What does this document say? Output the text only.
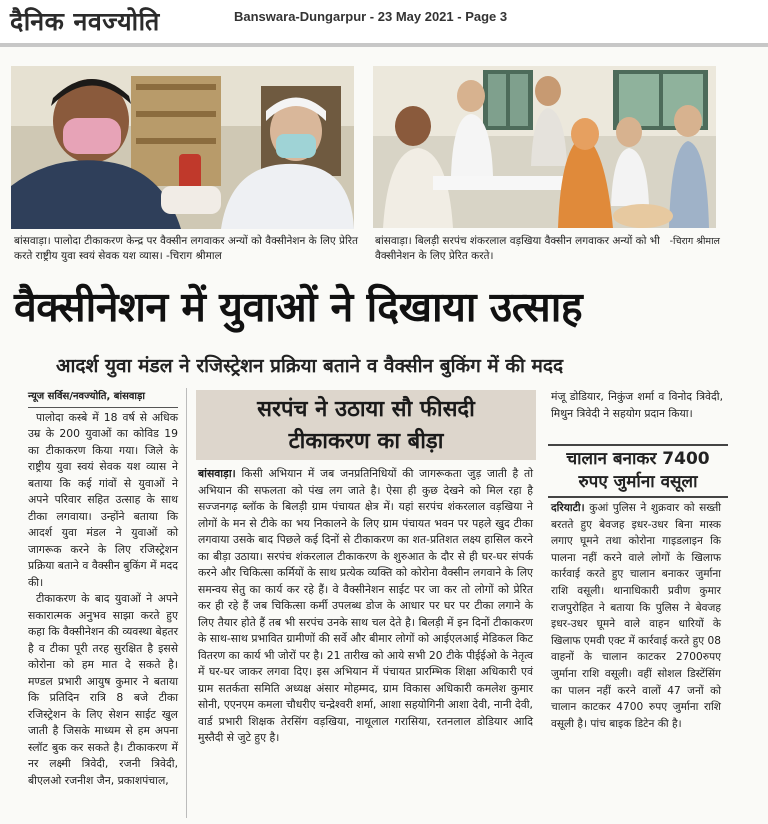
दैनिक नवज्योति	Banswara-Dungarpur - 23 May 2021 - Page 3
बांसवाड़ा। पालोदा टीकाकरण केन्द्र पर वैक्सीन लगवाकर अन्यों को वैक्सीनेशन के लिए प्रेरित करते राष्ट्रीय युवा स्वयं सेवक यश व्यास। -चिराग श्रीमाल
-चिराग श्रीमाल
बांसवाड़ा। बिलड़ी सरपंच शंकरलाल वड़खिया वैक्सीन लगवाकर अन्यों को भी वैक्सीनेशन के लिए प्रेरित करते।
वैक्सीनेशन में युवाओं ने दिखाया उत्साह
आदर्श युवा मंडल ने रजिस्ट्रेशन प्रक्रिया बताने व वैक्सीन बुकिंग में की मदद
न्यूज सर्विस/नवज्योति, बांसवाड़ा

पालोदा कस्बे में 18 वर्ष से अधिक उम्र के 200 युवाओं का कोविड 19 का टीकाकरण किया गया। जिले के राष्ट्रीय युवा स्वयं सेवक यश व्यास ने बताया कि कई गांवों से युवाओं ने अपने परिवार सहित उत्साह के साथ टीका लगवाया। उन्होंने बताया कि आदर्श युवा मंडल ने युवाओं को जागरूक करने के लिए रजिस्ट्रेशन प्रक्रिया बताने व वैक्सीन बुकिंग में मदद की।

टीकाकरण के बाद युवाओं ने अपने सकारात्मक अनुभव साझा करते हुए कहा कि वैक्सीनेशन की व्यवस्था बेहतर है व टीका पूरी तरह सुरक्षित है इससे कोरोना को हम मात दे सकते है। मण्डल प्रभारी आयुष कुमार ने बताया कि प्रतिदिन रात्रि 8 बजे टीका रजिस्ट्रेशन के लिए सेशन साईट खुल जाती है जिसके माध्यम से हम अपना स्लॉट बुक कर सकते है। टीकाकरण में नर लक्ष्मी त्रिवेदी, रजनी त्रिवेदी, बीएलओ रजनीश जैन, प्रकाशपंचाल,

सरपंच ने उठाया सौ फीसदी
टीकाकरण का बीड़ा
बांसवाड़ा। किसी अभियान में जब जनप्रतिनिधियों की जागरूकता जुड़ जाती है तो अभियान की सफलता को पंख लग जाते है। ऐसा ही कुछ देखने को मिल रहा है सज्जनगढ़ ब्लॉक के बिलड़ी ग्राम पंचायत क्षेत्र में। यहां सरपंच शंकरलाल वड़खिया ने लोगों के मन से टीके का भय निकालने के लिए ग्राम पंचायत भवन पर पहले खुद टीका लगवाया उसके बाद पिछले कई दिनों से टीकाकरण का शत-प्रतिशत लक्ष्य हासिल करने का बीड़ा उठाया। सरपंच शंकरलाल टीकाकरण के शुरुआत के दौर से ही घर-घर संपर्क करने और चिकित्सा कर्मियों के साथ प्रत्येक व्यक्ति को कोरोना वैक्सीन लगवाने के लिए समन्वय सेतु का कार्य कर रहे हैं। वे वैक्सीनेशन साईट पर जा कर तो लोगों को प्रेरित कर ही रहे हैं जब चिकित्सा कर्मी उपलब्ध डोज के आधार पर घर पर टीका लगाने के लिए तैयार होते हैं तब भी सरपंच उनके साथ चल देते है। बिलड़ी में इन दिनों टीकाकरण के साथ-साथ प्रभावित ग्रामीणों की सर्वे और बीमार लोगों को आईएलआई मेडिकल किट वितरण का कार्य भी जोरों पर है। 21 तारीख को आये सभी 20 टीके पीईईओ के नेतृत्व में घर-घर जाकर लगवा दिए। इस अभियान में पंचायत प्रारम्भिक शिक्षा अधिकारी एवं ग्राम सतर्कता समिति अध्यक्ष अंसार मोहम्मद, ग्राम विकास अधिकारी कमलेश कुमार सोनी, एएनएम कमला चौधरीए चन्द्रेश्वरी शर्मा, आशा सहयोगिनी आशा देवी, नानी देवी, वार्ड प्रभारी शिक्षक तेरसिंग वड़खिया, नाथूलाल गरासिया, रतनलाल डोडियार आदि मुस्तैदी से जुटे हुए है।
मंजू डोडियार, निकुंज शर्मा व विनोद त्रिवेदी, मिथुन त्रिवेदी ने सहयोग प्रदान किया।
चालान बनाकर 7400
रुपए जुर्माना वसूला
दरियाटी। कुआं पुलिस ने शुक्रवार को सख्ती बरतते हुए बेवजह इधर-उधर बिना मास्क लगाए घूमने तथा कोरोना गाइडलाइन कि पालना नहीं करने वाले लोगों के खिलाफ कार्रवाई करते हुए चालान बनाकर जुर्माना राशि वसूली। थानाधिकारी प्रवीण कुमार राजपुरोहित ने बताया कि पुलिस ने बेवजह इधर-उधर घूमने वाले वाहन धारियों के खिलाफ एमवी एक्ट में कार्रवाई करते हुए 08 वाहनों के चालान काटकर 2700रुपए जुर्माना राशि वसूली। वहीं सोशल डिस्टेंसिंग का पालन नहीं करने वालों 47 जनों को चालान काटकर 4700 रुपए जुर्माना राशि वसूली है। पांच बाइक डिटेन की है।
